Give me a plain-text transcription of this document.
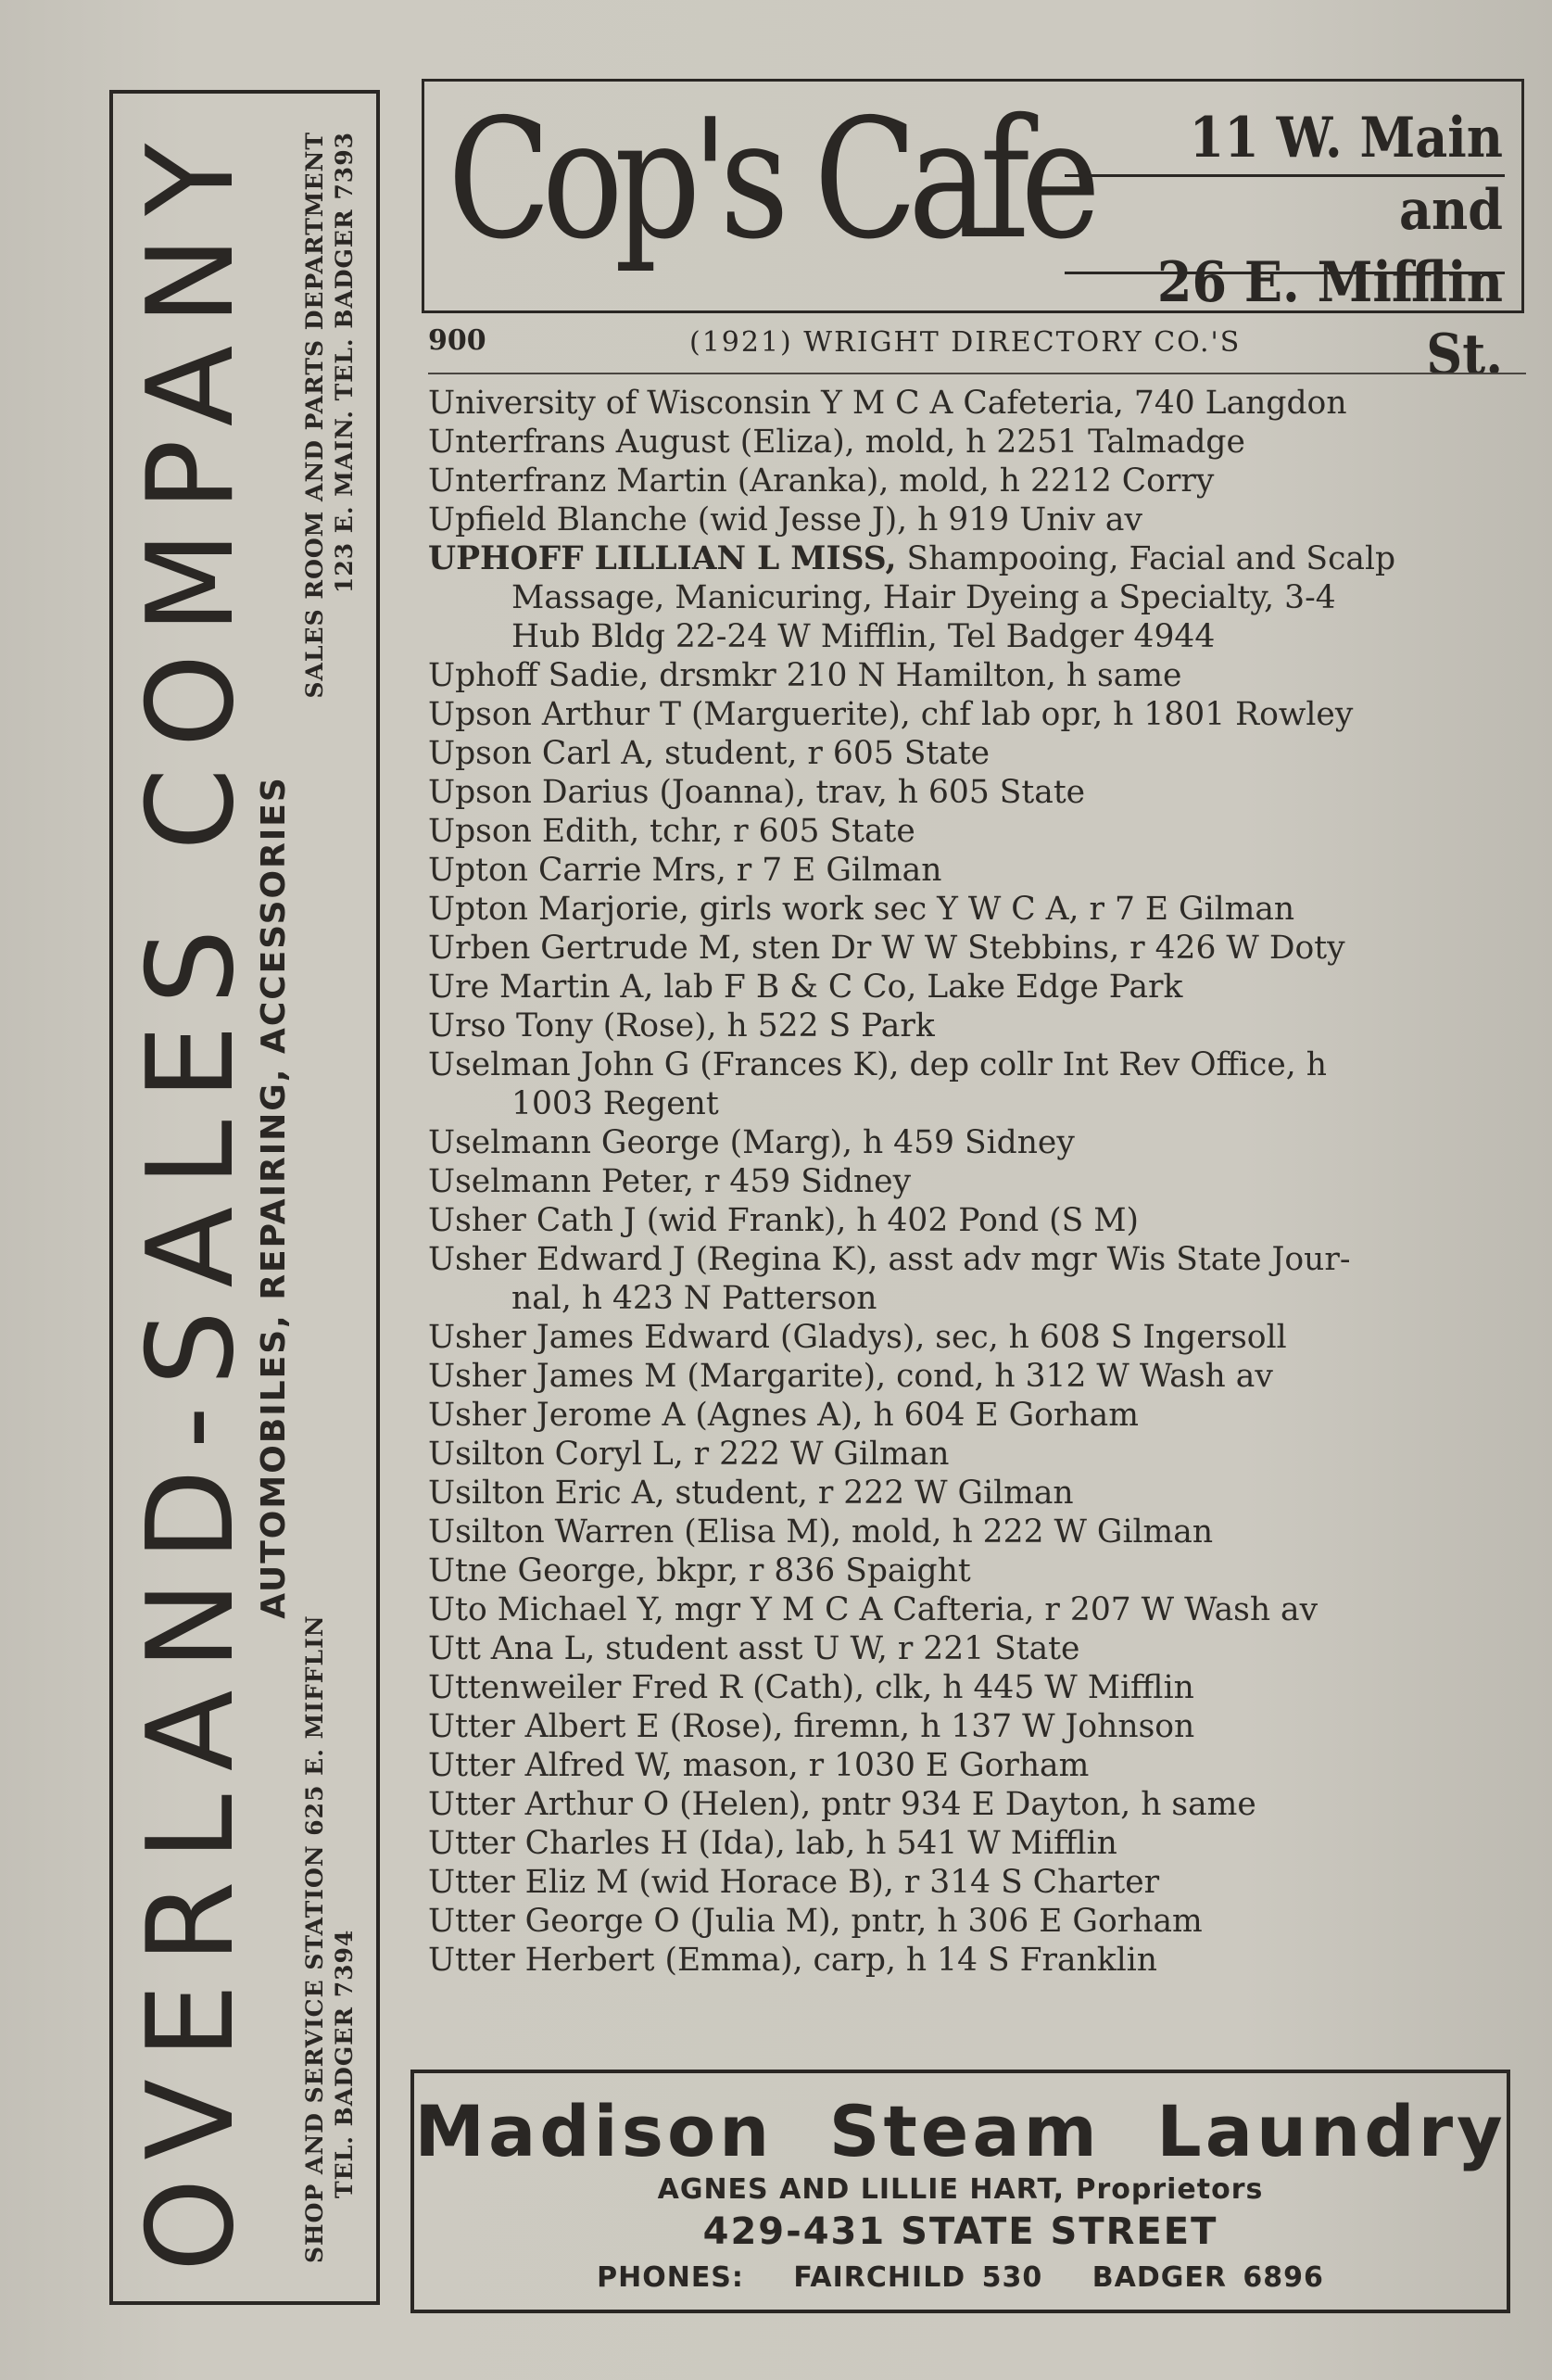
OVERLAND-SALES COMPANY
AUTOMOBILES, REPAIRING, ACCESSORIES
SHOP AND SERVICE STATION 625 E. MIFFLIN
SALES ROOM AND PARTS DEPARTMENT
TEL. BADGER 7394
123 E. MAIN.
TEL. BADGER 7393 Cop's Cafe	11 W. Main and
26 E. Mifflin St.
900	(1921) WRIGHT DIRECTORY CO.'S
University of Wisconsin Y M C A Cafeteria, 740 Langdon
Unterfrans August (Eliza), mold, h 2251 Talmadge
Unterfranz Martin (Aranka), mold, h 2212 Corry
Upfield Blanche (wid Jesse J), h 919 Univ av
UPHOFF LILLIAN L MISS, Shampooing, Facial and Scalp
Massage, Manicuring, Hair Dyeing a Specialty, 3-4
Hub Bldg 22-24 W Mifflin, Tel Badger 4944
Uphoff Sadie, drsmkr 210 N Hamilton, h same
Upson Arthur T (Marguerite), chf lab opr, h 1801 Rowley
Upson Carl A, student, r 605 State
Upson Darius (Joanna), trav, h 605 State
Upson Edith, tchr, r 605 State
Upton Carrie Mrs, r 7 E Gilman
Upton Marjorie, girls work sec Y W C A, r 7 E Gilman
Urben Gertrude M, sten Dr W W Stebbins, r 426 W Doty
Ure Martin A, lab F B & C Co, Lake Edge Park
Urso Tony (Rose), h 522 S Park
Uselman John G (Frances K), dep collr Int Rev Office, h
1003 Regent
Uselmann George (Marg), h 459 Sidney
Uselmann Peter, r 459 Sidney
Usher Cath J (wid Frank), h 402 Pond (S M)
Usher Edward J (Regina K), asst adv mgr Wis State Jour-
nal, h 423 N Patterson
Usher James Edward (Gladys), sec, h 608 S Ingersoll
Usher James M (Margarite), cond, h 312 W Wash av
Usher Jerome A (Agnes A), h 604 E Gorham
Usilton Coryl L, r 222 W Gilman
Usilton Eric A, student, r 222 W Gilman
Usilton Warren (Elisa M), mold, h 222 W Gilman
Utne George, bkpr, r 836 Spaight
Uto Michael Y, mgr Y M C A Cafteria, r 207 W Wash av
Utt Ana L, student asst U W, r 221 State
Uttenweiler Fred R (Cath), clk, h 445 W Mifflin
Utter Albert E (Rose), firemn, h 137 W Johnson
Utter Alfred W, mason, r 1030 E Gorham
Utter Arthur O (Helen), pntr 934 E Dayton, h same
Utter Charles H (Ida), lab, h 541 W Mifflin
Utter Eliz M (wid Horace B), r 314 S Charter
Utter George O (Julia M), pntr, h 306 E Gorham
Utter Herbert (Emma), carp, h 14 S Franklin
Madison Steam Laundry
AGNES AND LILLIE HART, Proprietors
429-431 STATE STREET
PHONES: FAIRCHILD 530 BADGER 6896
